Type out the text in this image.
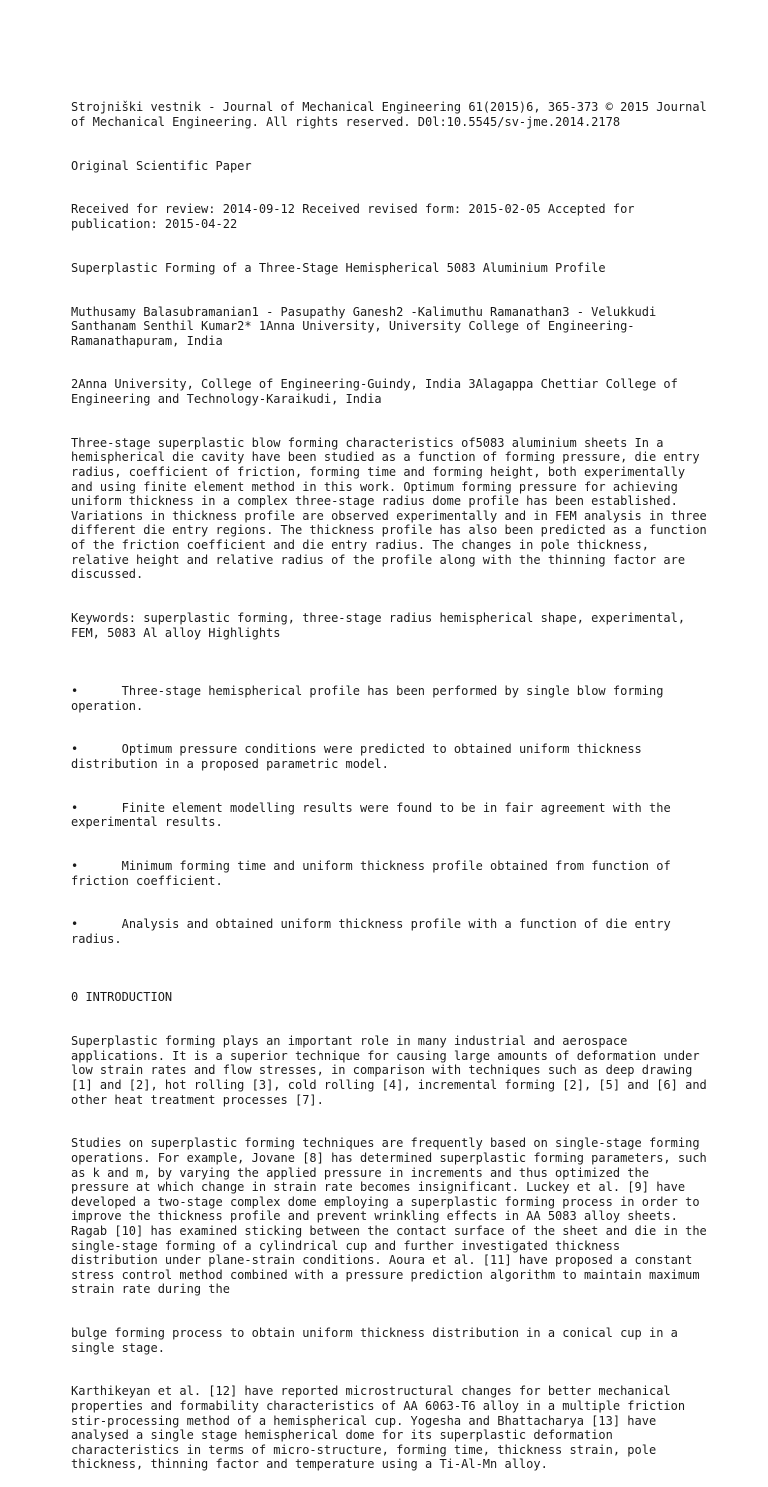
Strojniški vestnik - Journal of Mechanical Engineering 61(2015)6, 365-373 © 2015 Journal of Mechanical Engineering. All rights reserved. D0l:10.5545/sv-jme.2014.2178

Original Scientific Paper

Received for review: 2014-09-12 Received revised form: 2015-02-05 Accepted for publication: 2015-04-22

Superplastic Forming of a Three-Stage Hemispherical 5083 Aluminium Profile

Muthusamy Balasubramanian1 - Pasupathy Ganesh2 -Kalimuthu Ramanathan3 - Velukkudi Santhanam Senthil Kumar2* 1Anna University, University College of Engineering-Ramanathapuram, India

2Anna University, College of Engineering-Guindy, India 3Alagappa Chettiar College of Engineering and Technology-Karaikudi, India

Three-stage superplastic blow forming characteristics of5083 aluminium sheets In a hemispherical die cavity have been studied as a function of forming pressure, die entry radius, coefficient of friction, forming time and forming height, both experimentally and using finite element method in this work. Optimum forming pressure for achieving uniform thickness in a complex three-stage radius dome profile has been established. Variations in thickness profile are observed experimentally and in FEM analysis in three different die entry regions. The thickness profile has also been predicted as a function of the friction coefficient and die entry radius. The changes in pole thickness, relative height and relative radius of the profile along with the thinning factor are discussed.

Keywords: superplastic forming, three-stage radius hemispherical shape, experimental, FEM, 5083 Al alloy Highlights

•	Three-stage hemispherical profile has been performed by single blow forming operation.

•	Optimum pressure conditions were predicted to obtained uniform thickness distribution in a proposed parametric model.

•	Finite element modelling results were found to be in fair agreement with the experimental results.

•	Minimum forming time and uniform thickness profile obtained from function of friction coefficient.

•	Analysis and obtained uniform thickness profile with a function of die entry radius.

0 INTRODUCTION

Superplastic forming plays an important role in many industrial and aerospace applications. It is a superior technique for causing large amounts of deformation under low strain rates and flow stresses, in comparison with techniques such as deep drawing [1] and [2], hot rolling [3], cold rolling [4], incremental forming [2], [5] and [6] and other heat treatment processes [7].

Studies on superplastic forming techniques are frequently based on single-stage forming operations. For example, Jovane [8] has determined superplastic forming parameters, such as k and m, by varying the applied pressure in increments and thus optimized the pressure at which change in strain rate becomes insignificant. Luckey et al. [9] have developed a two-stage complex dome employing a superplastic forming process in order to improve the thickness profile and prevent wrinkling effects in AA 5083 alloy sheets. Ragab [10] has examined sticking between the contact surface of the sheet and die in the single-stage forming of a cylindrical cup and further investigated thickness distribution under plane-strain conditions. Aoura et al. [11] have proposed a constant stress control method combined with a pressure prediction algorithm to maintain maximum strain rate during the

bulge forming process to obtain uniform thickness distribution in a conical cup in a single stage.

Karthikeyan et al. [12] have reported microstructural changes for better mechanical properties and formability characteristics of AA 6063-T6 alloy in a multiple friction stir-processing method of a hemispherical cup. Yogesha and Bhattacharya [13] have analysed a single stage hemispherical dome for its superplastic deformation characteristics in terms of micro-structure, forming time, thickness strain, pole thickness, thinning factor and temperature using a Ti-Al-Mn alloy.
